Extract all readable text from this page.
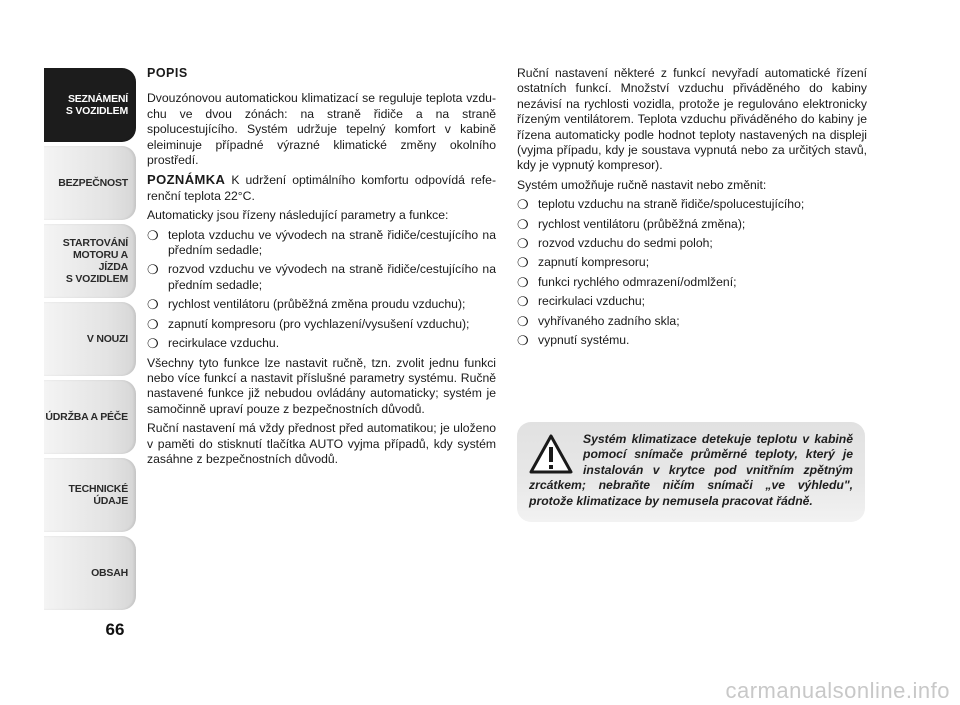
SEZNÁMENÍ
S VOZIDLEM
BEZPEČNOST
STARTOVÁNÍ
MOTORU A JÍZDA
S VOZIDLEM
V NOUZI
ÚDRŽBA A PÉČE
TECHNICKÉ
ÚDAJE
OBSAH
66
POPIS

Dvouzónovou automatickou klimatizací se reguluje teplota vzduchu ve dvou zónách: na straně řidiče a na straně spolucestujícího. Systém udržuje tepelný komfort v kabině eleiminuje případné výrazné klimatické změny okolního prostředí.

POZNÁMKA K udržení optimálního komfortu odpovídá referenční teplota 22°C.

Automaticky jsou řízeny následující parametry a funkce:

❍ teplota vzduchu ve vývodech na straně řidiče/cestujícího na předním sedadle;
❍ rozvod vzduchu ve vývodech na straně řidiče/cestujícího na předním sedadle;
❍ rychlost ventilátoru (průběžná změna proudu vzduchu);
❍ zapnutí kompresoru (pro vychlazení/vysušení vzduchu);
❍ recirkulace vzduchu.

Všechny tyto funkce lze nastavit ručně, tzn. zvolit jednu funkci nebo více funkcí a nastavit příslušné parametry systému. Ručně nastavené funkce již nebudou ovládány automaticky; systém je samočinně upraví pouze z bezpečnostních důvodů.

Ruční nastavení má vždy přednost před automatikou; je uloženo v paměti do stisknutí tlačítka AUTO vyjma případů, kdy systém zasáhne z bezpečnostních důvodů.

Ruční nastavení některé z funkcí nevyřadí automatické řízení ostatních funkcí. Množství vzduchu přiváděného do kabiny nezávisí na rychlosti vozidla, protože je regulováno elektronicky řízeným ventilátorem. Teplota vzduchu přiváděného do kabiny je řízena automaticky podle hodnot teploty nastavených na displeji (vyjma případu, kdy je soustava vypnutá nebo za určitých stavů, kdy je vypnutý kompresor).

Systém umožňuje ručně nastavit nebo změnit:

❍ teplotu vzduchu na straně řidiče/spolucestujícího;
❍ rychlost ventilátoru (průběžná změna);
❍ rozvod vzduchu do sedmi poloh;
❍ zapnutí kompresoru;
❍ funkci rychlého odmrazení/odmlžení;
❍ recirkulaci vzduchu;
❍ vyhřívaného zadního skla;
❍ vypnutí systému.
Systém klimatizace detekuje teplotu v kabině pomocí snímače průměrné teploty, který je instalován v krytce pod vnitřním zpětným zrcátkem; nebraňte ničím snímači „ve výhledu", protože klimatizace by nemusela pracovat řádně.
carmanualsonline.info
